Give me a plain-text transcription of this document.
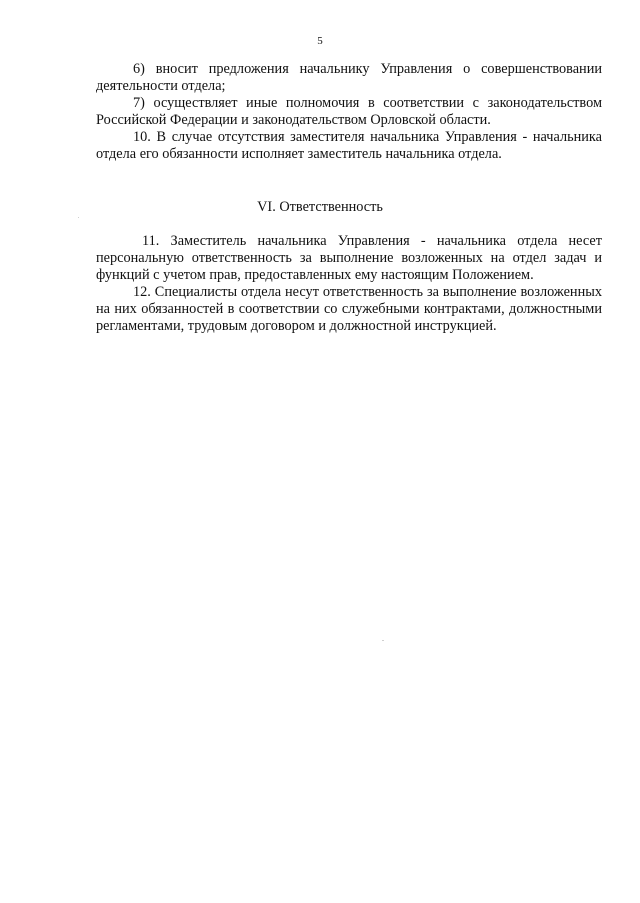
5

6) вносит предложения начальнику Управления о совершенствовании деятельности отдела;

7) осуществляет иные полномочия в соответствии с законодательством Российской Федерации и законодательством Орловской области.

10. В случае отсутствия заместителя начальника Управления - начальника отдела его обязанности исполняет заместитель начальника отдела.

VI. Ответственность

11. Заместитель начальника Управления - начальника отдела несет персональную ответственность за выполнение возложенных на отдел задач и функций с учетом прав, предоставленных ему настоящим Положением.

12. Специалисты отдела несут ответственность за выполнение возложенных на них обязанностей в соответствии со служебными контрактами, должностными регламентами, трудовым договором и должностной инструкцией.
